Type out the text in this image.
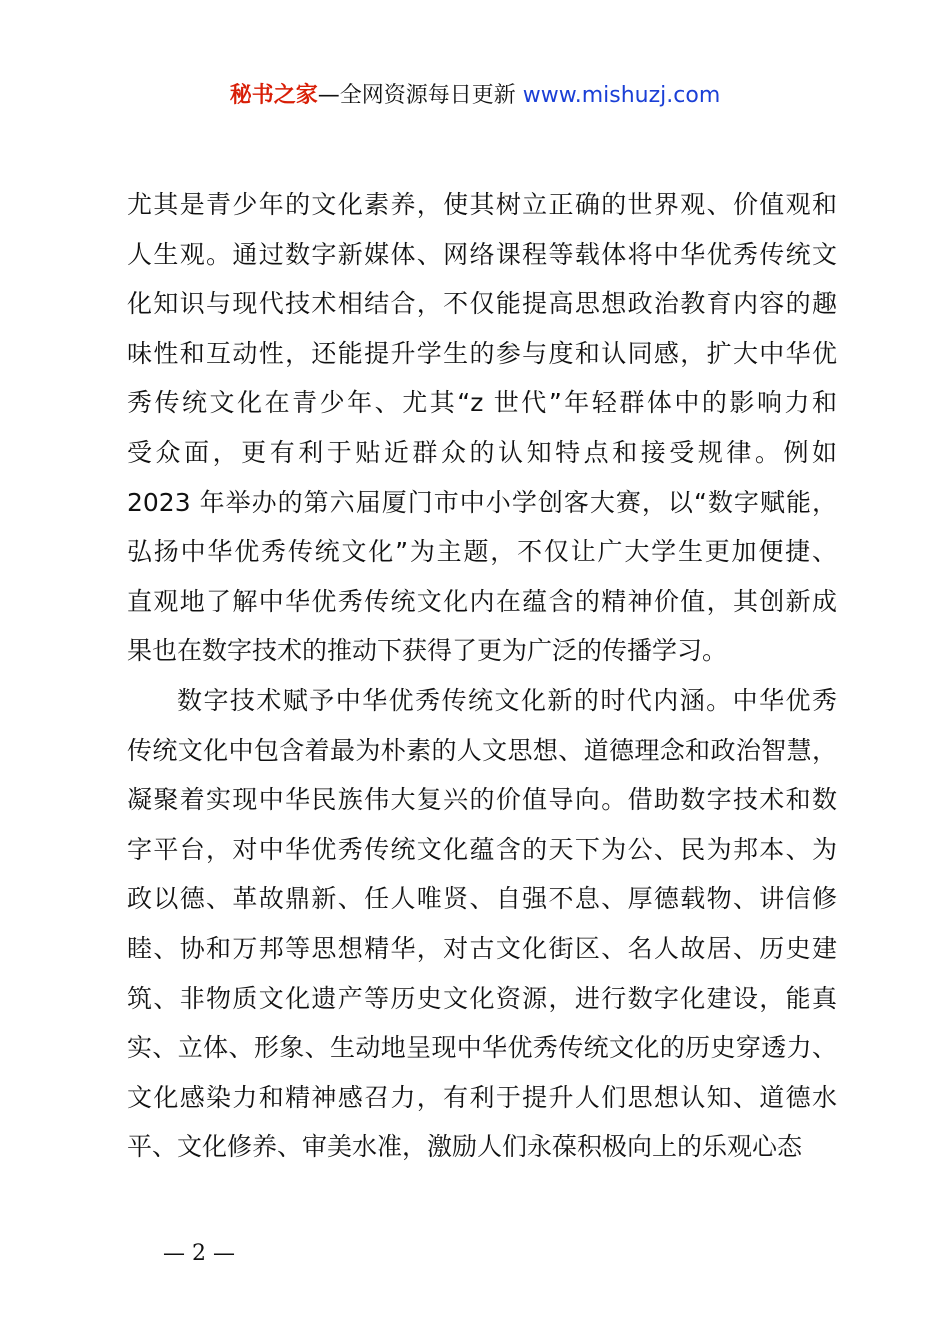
秘书之家—全网资源每日更新 www.mishuzj.com
尤其是青少年的文化素养，使其树立正确的世界观、价值观和
人生观。通过数字新媒体、网络课程等载体将中华优秀传统文
化知识与现代技术相结合，不仅能提高思想政治教育内容的趣
味性和互动性，还能提升学生的参与度和认同感，扩大中华优
秀传统文化在青少年、尤其“z 世代”年轻群体中的影响力和
受众面，更有利于贴近群众的认知特点和接受规律。例如
2023 年举办的第六届厦门市中小学创客大赛，以“数字赋能，
弘扬中华优秀传统文化”为主题，不仅让广大学生更加便捷、
直观地了解中华优秀传统文化内在蕴含的精神价值，其创新成
果也在数字技术的推动下获得了更为广泛的传播学习。
数字技术赋予中华优秀传统文化新的时代内涵。中华优秀
传统文化中包含着最为朴素的人文思想、道德理念和政治智慧，
凝聚着实现中华民族伟大复兴的价值导向。借助数字技术和数
字平台，对中华优秀传统文化蕴含的天下为公、民为邦本、为
政以德、革故鼎新、任人唯贤、自强不息、厚德载物、讲信修
睦、协和万邦等思想精华，对古文化街区、名人故居、历史建
筑、非物质文化遗产等历史文化资源，进行数字化建设，能真
实、立体、形象、生动地呈现中华优秀传统文化的历史穿透力、
文化感染力和精神感召力，有利于提升人们思想认知、道德水
平、文化修养、审美水准，激励人们永葆积极向上的乐观心态
— 2 —
